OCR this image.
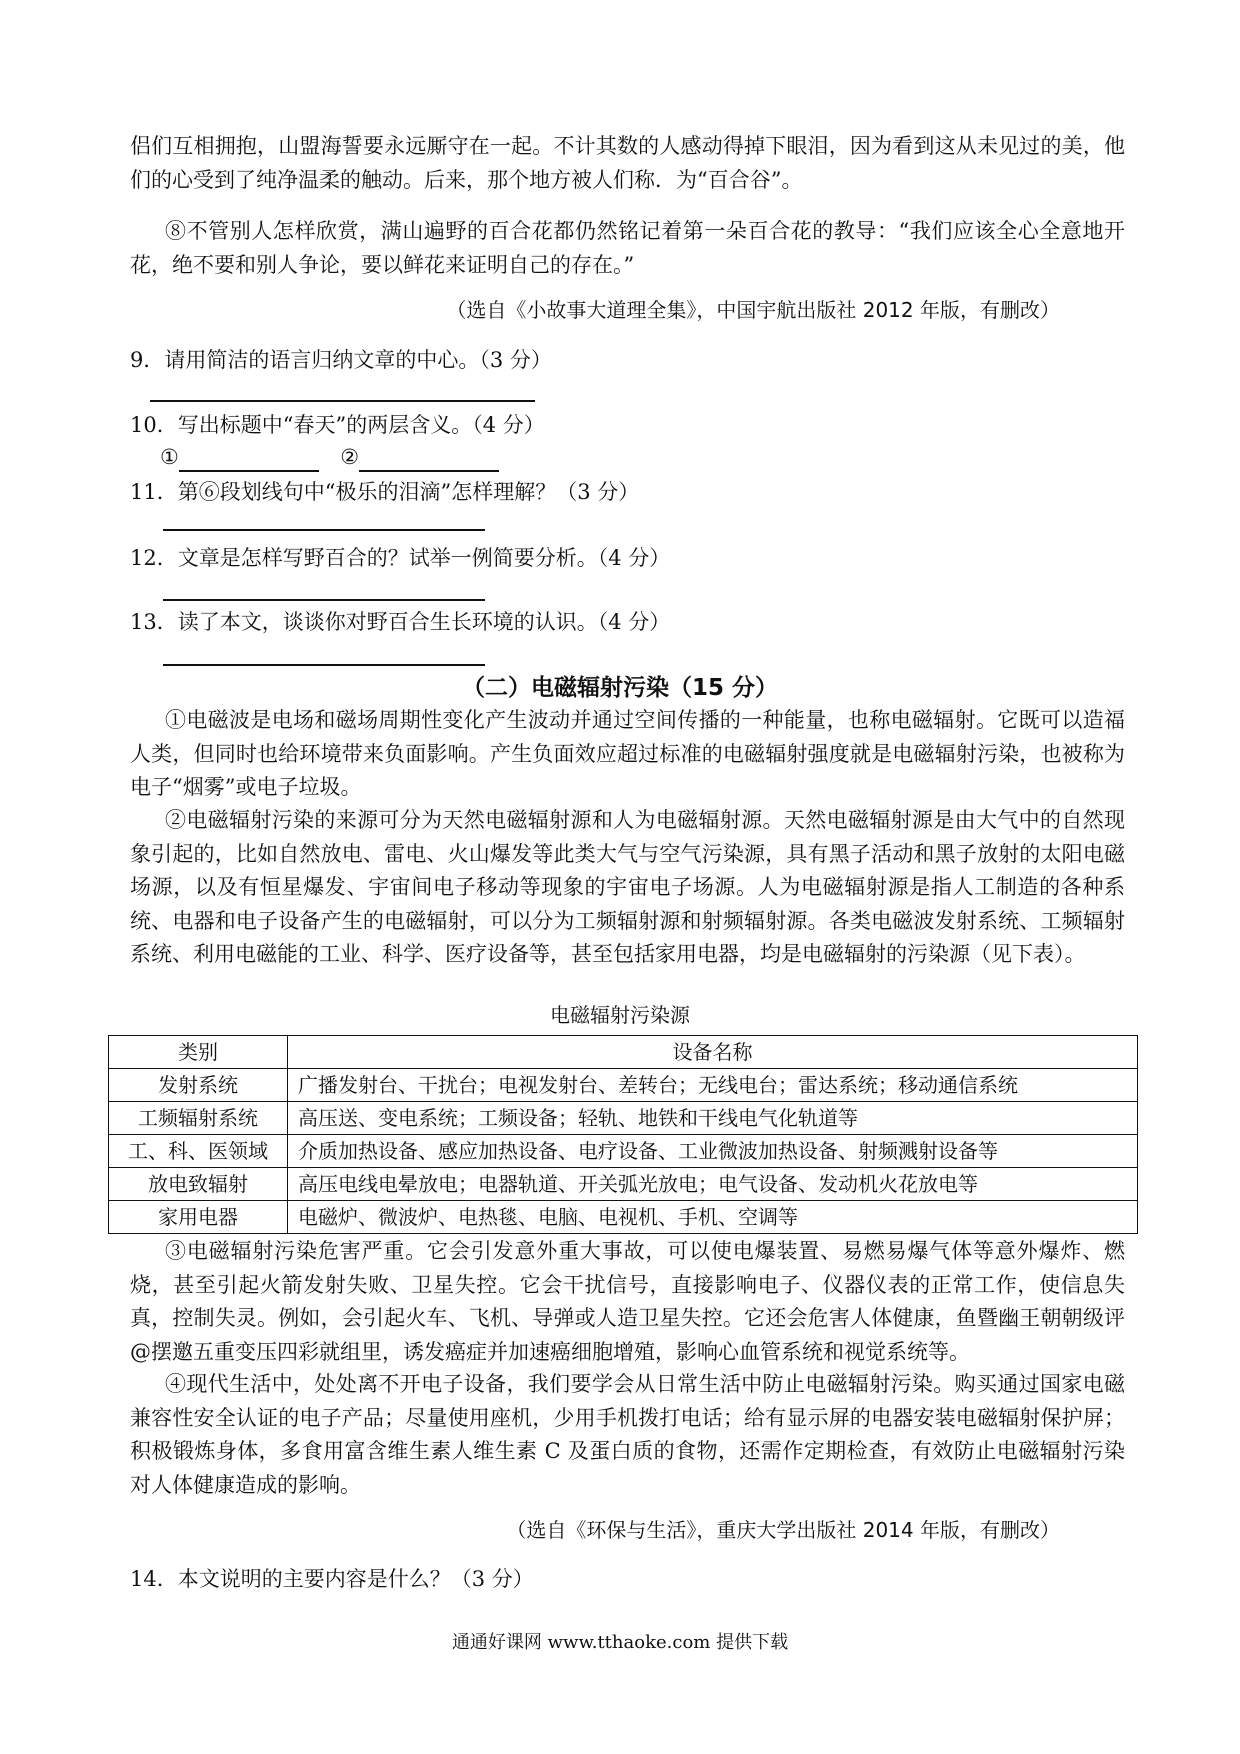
侣们互相拥抱，山盟海誓要永远厮守在一起。不计其数的人感动得掉下眼泪，因为看到这从未见过的美，他们的心受到了纯净温柔的触动。后来，那个地方被人们称．为“百合谷”。
⑧不管别人怎样欣赏，满山遍野的百合花都仍然铭记着第一朵百合花的教导：“我们应该全心全意地开花，绝不要和别人争论，要以鲜花来证明自己的存在。”
（选自《小故事大道理全集》，中国宇航出版社 2012 年版，有删改）
9．请用简洁的语言归纳文章的中心。（3 分）
10．写出标题中“春天”的两层含义。（4 分）
①	②
11．第⑥段划线句中“极乐的泪滴”怎样理解？（3 分）
12．文章是怎样写野百合的？试举一例简要分析。（4 分）
13．读了本文，谈谈你对野百合生长环境的认识。（4 分）
（二）电磁辐射污染（15 分）
①电磁波是电场和磁场周期性变化产生波动并通过空间传播的一种能量，也称电磁辐射。它既可以造福人类，但同时也给环境带来负面影响。产生负面效应超过标准的电磁辐射强度就是电磁辐射污染，也被称为电子“烟雾”或电子垃圾。
②电磁辐射污染的来源可分为天然电磁辐射源和人为电磁辐射源。天然电磁辐射源是由大气中的自然现象引起的，比如自然放电、雷电、火山爆发等此类大气与空气污染源，具有黑子活动和黑子放射的太阳电磁场源，以及有恒星爆发、宇宙间电子移动等现象的宇宙电子场源。人为电磁辐射源是指人工制造的各种系统、电器和电子设备产生的电磁辐射，可以分为工频辐射源和射频辐射源。各类电磁波发射系统、工频辐射系统、利用电磁能的工业、科学、医疗设备等，甚至包括家用电器，均是电磁辐射的污染源（见下表）。
电磁辐射污染源
类别	设备名称
发射系统	广播发射台、干扰台；电视发射台、差转台；无线电台；雷达系统；移动通信系统
工频辐射系统	高压送、变电系统；工频设备；轻轨、地铁和干线电气化轨道等
工、科、医领域	介质加热设备、感应加热设备、电疗设备、工业微波加热设备、射频溅射设备等
放电致辐射	高压电线电晕放电；电器轨道、开关弧光放电；电气设备、发动机火花放电等
家用电器	电磁炉、微波炉、电热毯、电脑、电视机、手机、空调等
③电磁辐射污染危害严重。它会引发意外重大事故，可以使电爆装置、易燃易爆气体等意外爆炸、燃烧，甚至引起火箭发射失败、卫星失控。它会干扰信号，直接影响电子、仪器仪表的正常工作，使信息失真，控制失灵。例如，会引起火车、飞机、导弹或人造卫星失控。它还会危害人体健康，鱼暨幽王朝朝级评@摆邀五重变压四彩就组里，诱发癌症并加速癌细胞增殖，影响心血管系统和视觉系统等。
④现代生活中，处处离不开电子设备，我们要学会从日常生活中防止电磁辐射污染。购买通过国家电磁兼容性安全认证的电子产品；尽量使用座机，少用手机拨打电话；给有显示屏的电器安装电磁辐射保护屏；积极锻炼身体，多食用富含维生素人维生素 C 及蛋白质的食物，还需作定期检查，有效防止电磁辐射污染对人体健康造成的影响。
（选自《环保与生活》，重庆大学出版社 2014 年版，有删改）
14．本文说明的主要内容是什么？（3 分）
通通好课网 www.tthaoke.com 提供下载
